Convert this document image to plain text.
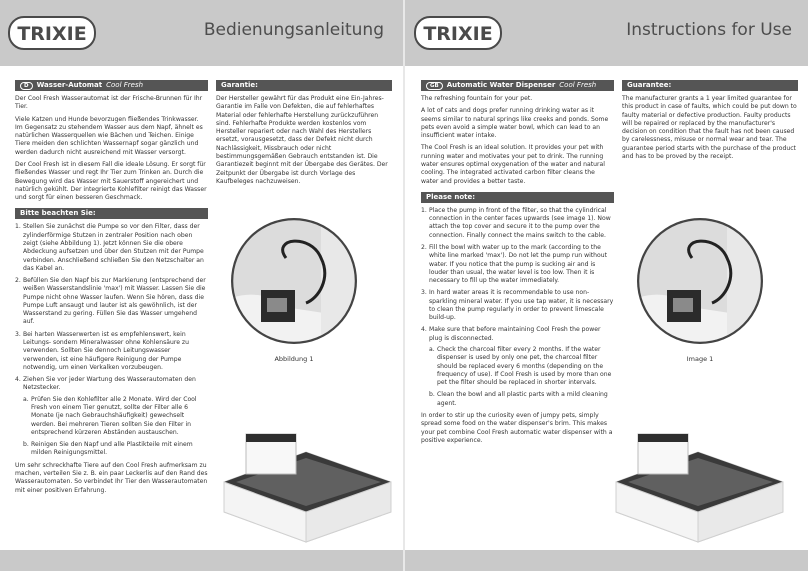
TRIXIE	TRIXIE
Bedienungsanleitung	Instructions for Use
D	Wasser-Automat Cool Fresh

Der Cool Fresh Wasserautomat ist der Frische-Brunnen für Ihr Tier.

Viele Katzen und Hunde bevorzugen fließendes Trinkwasser. Im Gegensatz zu stehendem Wasser aus dem Napf, ähnelt es natürlichen Wasserquellen wie Bächen und Teichen. Einige Tiere meiden den schlichten Wassernapf sogar gänzlich und werden dadurch nicht ausreichend mit Wasser versorgt.

Der Cool Fresh ist in diesem Fall die ideale Lösung. Er sorgt für fließendes Wasser und regt Ihr Tier zum Trinken an. Durch die Bewegung wird das Wasser mit Sauerstoff angereichert und natürlich gekühlt. Der integrierte Kohlefilter reinigt das Wasser und sorgt für einen besseren Geschmack.

Bitte beachten Sie:
1. Stellen Sie zunächst die Pumpe so vor den Filter, dass der zylinderförmige Stutzen in zentraler Position nach oben zeigt (siehe Abbildung 1). Jetzt können Sie die obere Abdeckung aufsetzen und über den Stutzen mit der Pumpe verbinden. Anschließend schließen Sie den Netzschalter an das Kabel an.
2. Befüllen Sie den Napf bis zur Markierung (entsprechend der weißen Wasserstandslinie 'max') mit Wasser. Lassen Sie die Pumpe nicht ohne Wasser laufen. Wenn Sie hören, dass die Pumpe Luft ansaugt und lauter ist als gewöhnlich, ist der Wasserstand zu gering. Füllen Sie das Wasser umgehend auf.
3. Bei harten Wasserwerten ist es empfehlenswert, kein Leitungs- sondern Mineralwasser ohne Kohlensäure zu verwenden. Sollten Sie dennoch Leitungswasser verwenden, ist eine häufigere Reinigung der Pumpe notwendig, um einen Verkalken vorzubeugen.
4. Ziehen Sie vor jeder Wartung des Wasserautomaten den Netzstecker.
a. Prüfen Sie den Kohlefilter alle 2 Monate. Wird der Cool Fresh von einem Tier genutzt, sollte der Filter alle 6 Monate (je nach Gebrauchshäufigkeit) gewechselt werden. Bei mehreren Tieren sollten Sie den Filter in entsprechend kürzeren Abständen austauschen.
b. Reinigen Sie den Napf und alle Plastikteile mit einem milden Reinigungsmittel.

Um sehr schreckhafte Tiere auf den Cool Fresh aufmerksam zu machen, verteilen Sie z. B. ein paar Leckerlis auf den Rand des Wasserautomaten. So verbindet Ihr Tier den Wasserautomaten mit einer positiven Erfahrung.

Garantie:

Der Hersteller gewährt für das Produkt eine Ein-Jahres-Garantie im Falle von Defekten, die auf fehlerhaftes Material oder fehlerhafte Herstellung zurückzuführen sind. Fehlerhafte Produkte werden kostenlos vom Hersteller repariert oder nach Wahl des Herstellers ersetzt, vorausgesetzt, dass der Defekt nicht durch Nachlässigkeit, Missbrauch oder nicht bestimmungsgemäßen Gebrauch entstanden ist. Die Garantiezeit beginnt mit der Übergabe des Gerätes. Der Zeitpunkt der Übergabe ist durch Vorlage des Kaufbeleges nachzuweisen.

Abbildung 1
GB	Automatic Water Dispenser Cool Fresh

The refreshing fountain for your pet.

A lot of cats and dogs prefer running drinking water as it seems similar to natural springs like creeks and ponds. Some pets even avoid a simple water bowl, which can lead to an insufficient water intake.

The Cool Fresh is an ideal solution. It provides your pet with running water and motivates your pet to drink. The running water ensures optimal oxygenation of the water and natural cooling. The integrated activated carbon filter cleans the water and provides a better taste.

Please note:
1. Place the pump in front of the filter, so that the cylindrical connection in the center faces upwards (see image 1). Now attach the top cover and secure it to the pump over the connection. Finally connect the mains switch to the cable.
2. Fill the bowl with water up to the mark (according to the white line marked 'max'). Do not let the pump run without water. If you notice that the pump is sucking air and is louder than usual, the water level is too low. Then it is necessary to fill up the water immediately.
3. In hard water areas it is recommendable to use non-sparkling mineral water. If you use tap water, it is necessary to clean the pump regularly in order to prevent limescale build-up.
4. Make sure that before maintaining Cool Fresh the power plug is disconnected.
a. Check the charcoal filter every 2 months. If the water dispenser is used by only one pet, the charcoal filter should be replaced every 6 months (depending on the frequency of use). If Cool Fresh is used by more than one pet the filter should be replaced in shorter intervals.
b. Clean the bowl and all plastic parts with a mild cleaning agent.

In order to stir up the curiosity even of jumpy pets, simply spread some food on the water dispenser's brim. This makes your pet combine Cool Fresh automatic water dispenser with a positive experience.

Guarantee:

The manufacturer grants a 1 year limited guarantee for this product in case of faults, which could be put down to faulty material or defective production. Faulty products will be repaired or replaced by the manufacturer's decision on condition that the fault has not been caused by carelessness, misuse or normal wear and tear. The guarantee period starts with the purchase of the product and has to be proved by the receipt.

Image 1
